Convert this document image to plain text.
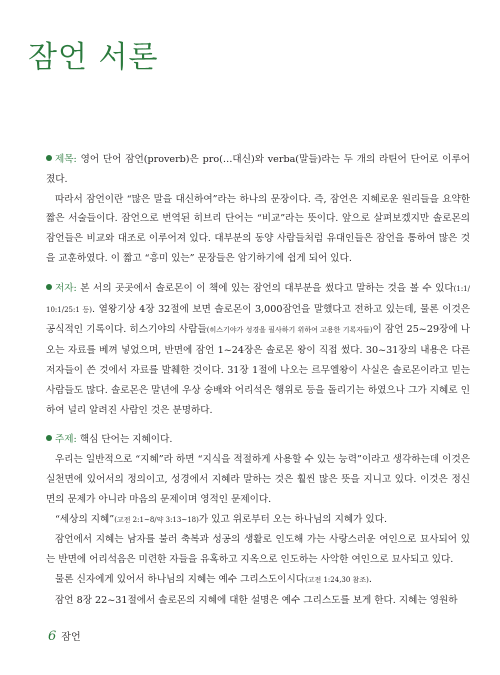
잠언 서론

제목: 영어 단어 잠언(proverb)은 pro(…대신)와 verba(말들)라는 두 개의 라틴어 단어로 이루어졌다.

따라서 잠언이란 “많은 말을 대신하여”라는 하나의 문장이다. 즉, 잠언은 지혜로운 원리들을 요약한 짧은 서술들이다. 잠언으로 번역된 히브리 단어는 “비교”라는 뜻이다. 앞으로 살펴보겠지만 솔로몬의 잠언들은 비교와 대조로 이루어져 있다. 대부분의 동양 사람들처럼 유대인들은 잠언을 통하여 많은 것을 교훈하였다. 이 짧고 “흥미 있는” 문장들은 암기하기에 쉽게 되어 있다.

저자: 본 서의 곳곳에서 솔로몬이 이 책에 있는 잠언의 대부분을 썼다고 말하는 것을 볼 수 있다(1:1/ 10:1/25:1 등). 열왕기상 4장 32절에 보면 솔로몬이 3,000잠언을 말했다고 전하고 있는데, 물론 이것은 공식적인 기록이다. 히스기야의 사람들(히스기야가 성경을 필사하기 위하여 고용한 기록자들)이 잠언 25~29장에 나오는 자료를 베껴 넣었으며, 반면에 잠언 1~24장은 솔로몬 왕이 직접 썼다. 30~31장의 내용은 다른 저자들이 쓴 것에서 자료를 발췌한 것이다. 31장 1절에 나오는 르무엘왕이 사실은 솔로몬이라고 믿는 사람들도 많다. 솔로몬은 말년에 우상 숭배와 어리석은 행위로 등을 돌리기는 하였으나 그가 지혜로 인하여 널리 알려진 사람인 것은 분명하다.

주제: 핵심 단어는 지혜이다.

우리는 일반적으로 “지혜”라 하면 “지식을 적절하게 사용할 수 있는 능력”이라고 생각하는데 이것은 실천면에 있어서의 정의이고, 성경에서 지혜라 말하는 것은 훨씬 많은 뜻을 지니고 있다. 이것은 정신면의 문제가 아니라 마음의 문제이며 영적인 문제이다.

“세상의 지혜”(고전 2:1~8/약 3:13~18)가 있고 위로부터 오는 하나님의 지혜가 있다.

잠언에서 지혜는 남자를 불러 축복과 성공의 생활로 인도해 가는 사랑스러운 여인으로 묘사되어 있는 반면에 어리석음은 미련한 자들을 유혹하고 지옥으로 인도하는 사악한 여인으로 묘사되고 있다.

물론 신자에게 있어서 하나님의 지혜는 예수 그리스도이시다(고전 1:24,30 참조).

잠언 8장 22~31절에서 솔로몬의 지혜에 대한 설명은 예수 그리스도를 보게 한다. 지혜는 영원하

6 잠언
